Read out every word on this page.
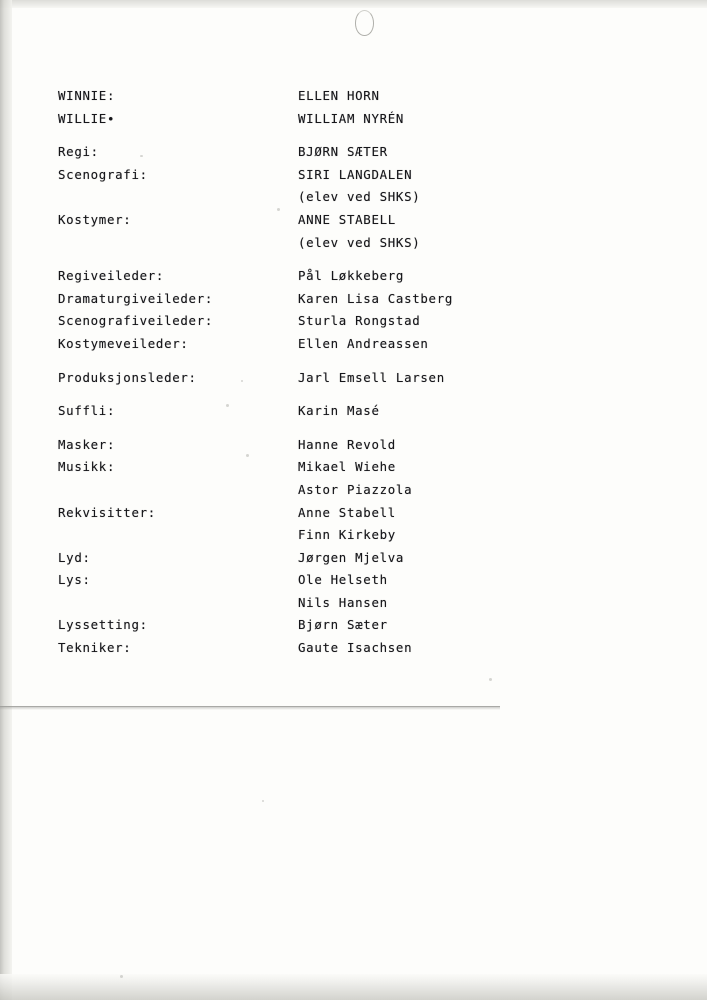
WINNIE:	ELLEN HORN
WILLIE∙	WILLIAM NYRÉN
Regi:	BJØRN SÆTER
Scenografi:	SIRI LANGDALEN
(elev ved SHKS)
Kostymer:	ANNE STABELL
(elev ved SHKS)
Regiveileder:	Pål Løkkeberg
Dramaturgiveileder:	Karen Lisa Castberg
Scenografiveileder:	Sturla Rongstad
Kostymeveileder:	Ellen Andreassen
Produksjonsleder:	Jarl Emsell Larsen
Suffli:	Karin Masé
Masker:	Hanne Revold
Musikk:	Mikael Wiehe
Astor Piazzola
Rekvisitter:	Anne Stabell
Finn Kirkeby
Lyd:	Jørgen Mjelva
Lys:	Ole Helseth
Nils Hansen
Lyssetting:	Bjørn Sæter
Tekniker:	Gaute Isachsen
